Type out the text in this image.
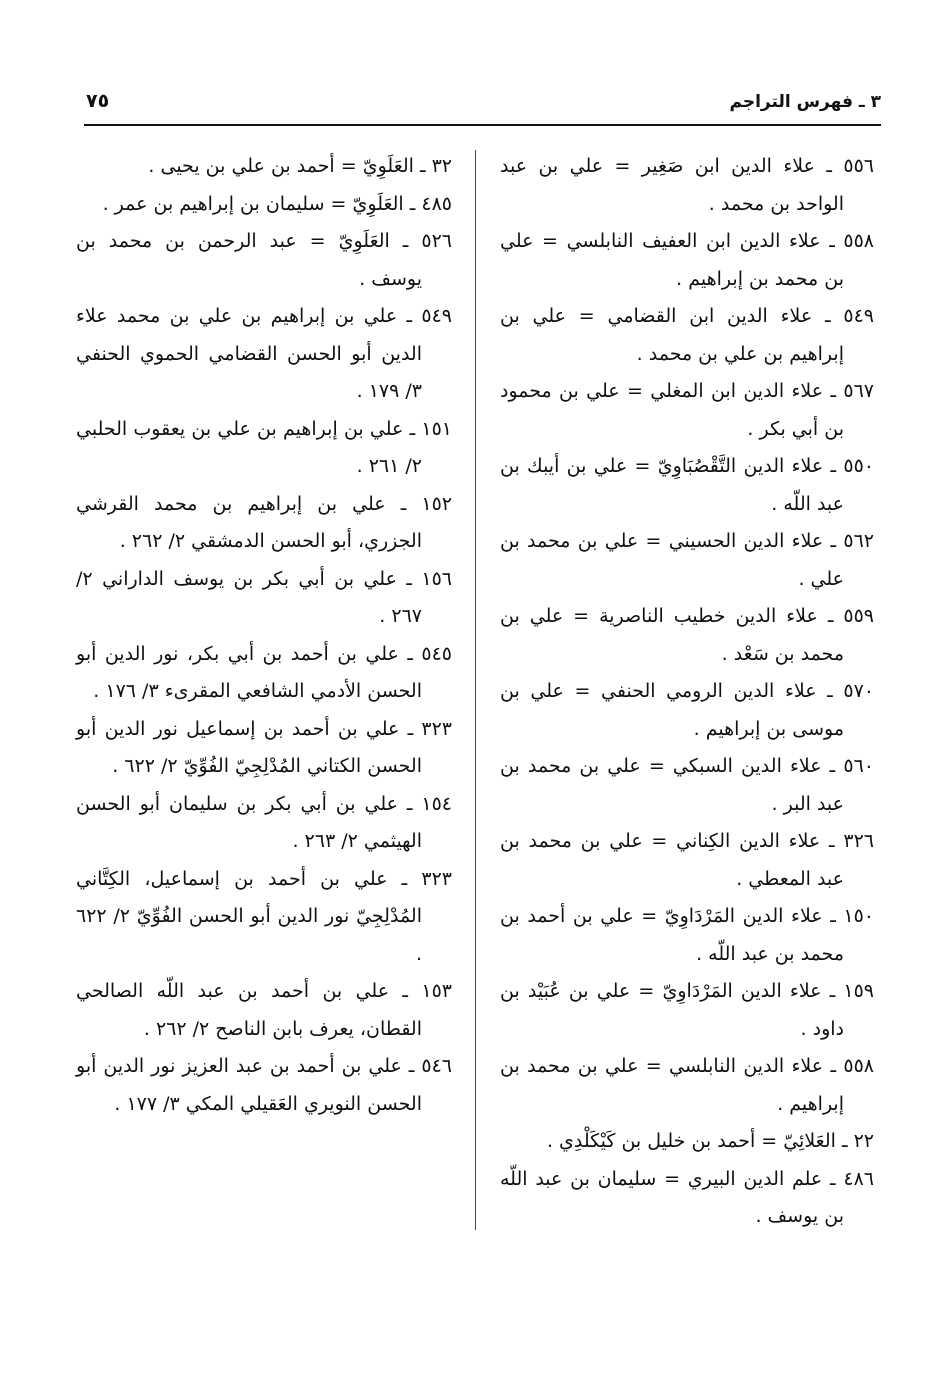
٣ ـ فهرس التراجم
٧٥

٥٥٦ ـ علاء الدين ابن صَغِير = علي بن عبد الواحد بن محمد .

٥٥٨ ـ علاء الدين ابن العفيف النابلسي = علي بن محمد بن إبراهيم .

٥٤٩ ـ علاء الدين ابن القضامي = علي بن إبراهيم بن علي بن محمد .

٥٦٧ ـ علاء الدين ابن المغلي = علي بن محمود بن أبي بكر .

٥٥٠ ـ علاء الدين التَّقْصُبَاوِيّ = علي بن أيبك بن عبد اللّه .

٥٦٢ ـ علاء الدين الحسيني = علي بن محمد بن علي .

٥٥٩ ـ علاء الدين خطيب الناصرية = علي بن محمد بن سَعْد .

٥٧٠ ـ علاء الدين الرومي الحنفي = علي بن موسى بن إبراهيم .

٥٦٠ ـ علاء الدين السبكي = علي بن محمد بن عبد البر .

٣٢٦ ـ علاء الدين الكِناني = علي بن محمد بن عبد المعطي .

١٥٠ ـ علاء الدين المَرْدَاوِيّ = علي بن أحمد بن محمد بن عبد اللّه .

١٥٩ ـ علاء الدين المَرْدَاوِيّ = علي بن عُبَيْد بن داود .

٥٥٨ ـ علاء الدين النابلسي = علي بن محمد بن إبراهيم .

٢٢ ـ العَلائِيّ = أحمد بن خليل بن كَيْكَلْدِي .

٤٨٦ ـ علم الدين البيري = سليمان بن عبد اللّه بن يوسف .

٣٢ ـ العَلَوِيّ = أحمد بن علي بن يحيى .

٤٨٥ ـ العَلَوِيّ = سليمان بن إبراهيم بن عمر .

٥٢٦ ـ العَلَوِيّ = عبد الرحمن بن محمد بن يوسف .

٥٤٩ ـ علي بن إبراهيم بن علي بن محمد علاء الدين أبو الحسن القضامي الحموي الحنفي ٣/ ١٧٩ .

١٥١ ـ علي بن إبراهيم بن علي بن يعقوب الحلبي ٢/ ٢٦١ .

١٥٢ ـ علي بن إبراهيم بن محمد القرشي الجزري، أبو الحسن الدمشقي ٢/ ٢٦٢ .

١٥٦ ـ علي بن أبي بكر بن يوسف الداراني ٢/ ٢٦٧ .

٥٤٥ ـ علي بن أحمد بن أبي بكر، نور الدين أبو الحسن الأدمي الشافعي المقرىء ٣/ ١٧٦ .

٣٢٣ ـ علي بن أحمد بن إسماعيل نور الدين أبو الحسن الكتاني المُدْلِجِيّ الفُوِّيّ ٢/ ٦٢٢ .

١٥٤ ـ علي بن أبي بكر بن سليمان أبو الحسن الهيثمي ٢/ ٢٦٣ .

٣٢٣ ـ علي بن أحمد بن إسماعيل، الكِتَّاني المُدْلِجِيّ نور الدين أبو الحسن الفُوِّيّ ٢/ ٦٢٢ .

١٥٣ ـ علي بن أحمد بن عبد اللّه الصالحي القطان، يعرف بابن الناصح ٢/ ٢٦٢ .

٥٤٦ ـ علي بن أحمد بن عبد العزيز نور الدين أبو الحسن النويري العَقيلي المكي ٣/ ١٧٧ .
